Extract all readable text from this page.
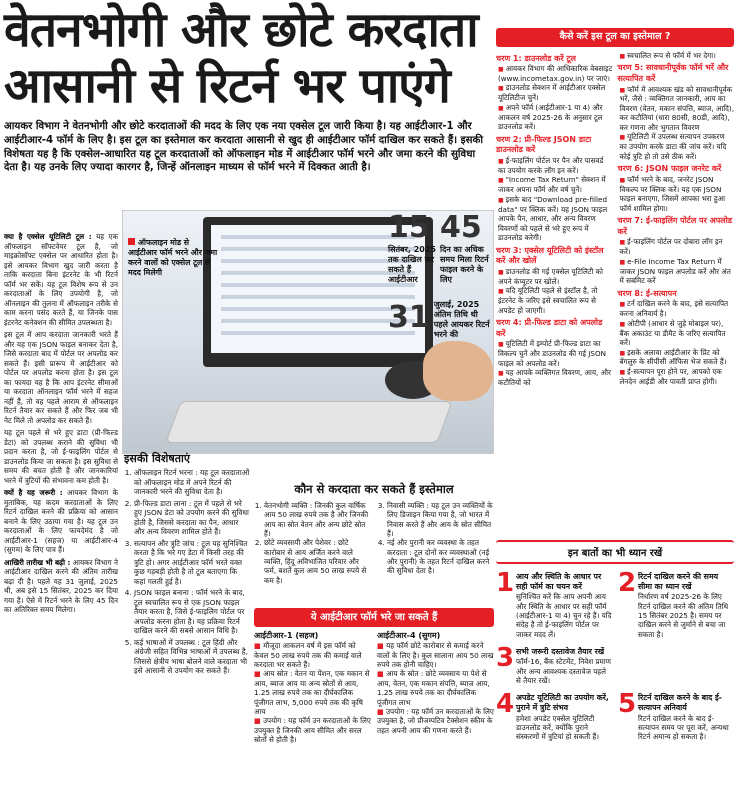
वेतनभोगी और छोटे करदाता
आसानी से रिटर्न भर पाएंगे
आयकर विभाग ने वेतनभोगी और छोटे करदाताओं की मदद के लिए एक नया एक्सेल टूल जारी किया है। यह आईटीआर-1 और आईटीआर-4 फॉर्म के लिए है। इस टूल का इस्तेमाल कर करदाता आसानी से खुद ही आईटीआर फॉर्म दाखिल कर सकते हैं। इसकी विशेषता यह है कि एक्सेल-आधारित यह टूल करदाताओं को ऑफलाइन मोड में आईटीआर फॉर्म भरने और जमा करने की सुविधा देता है। यह उनके लिए ज्यादा कारगर है, जिन्हें ऑनलाइन माध्यम से फॉर्म भरने में दिक्कत आती है।

क्या है एक्सेल यूटिलिटी टूल : यह एक ऑफलाइन सॉफ्टवेयर टूल है, जो माइक्रोसॉफ्ट एक्सेल पर आधारित होता है। इसे आयकर विभाग खुद जारी करता है ताकि करदाता बिना इंटरनेट के भी रिटर्न फॉर्म भर सकें। यह टूल विशेष रूप से उन करदाताओं के लिए उपयोगी है, जो ऑनलाइन की तुलना में ऑफलाइन तरीके से काम करना पसंद करते हैं, या जिनके पास इंटरनेट कनेक्शन की सीमित उपलब्धता है।

इस टूल में आप करदाता जानकारी भरते हैं और यह एक JSON फाइल बनाकर देता है, जिसे करदाता बाद में पोर्टल पर अपलोड कर सकते हैं। इसी प्रारूप में आईटीआर को पोर्टल पर अपलोड करना होता है। इस टूल का फायदा यह है कि आप इंटरनेट सीमाओं या करदाता ऑनलाइन फॉर्म भरने में सहज नहीं हैं, तो वह पहले आराम से ऑफलाइन रिटर्न तैयार कर सकते हैं और फिर जब भी नेट मिले तो अपलोड कर सकते हैं।

यह टूल पहले से भरे हुए डाटा (प्री-फिल्ड डेटा) को उपलब्ध कराने की सुविधा भी प्रदान करता है, जो ई-फाइलिंग पोर्टल से डाउनलोड किया जा सकता है। इस सुविधा से समय की बचत होती है और जानकारियां भरने में त्रुटियों की संभावना कम होती है।

क्यों है यह जरूरी : आयकर विभाग के मुताबिक, यह कदम करदाताओं के लिए रिटर्न दाखिल करने की प्रक्रिया को आसान बनाने के लिए उठाया गया है। यह टूल उन करदाताओं के लिए फायदेमंद है जो आईटीआर-1 (सहज) या आईटीआर-4 (सुगम) के लिए पात्र हैं।

आखिरी तारीख भी बढ़ी : आयकर विभाग ने आईटीआर दाखिल करने की अंतिम तारीख बढ़ा दी है। पहले यह 31 जुलाई, 2025 थी, अब इसे 15 सितंबर, 2025 कर दिया गया है। ऐसे में रिटर्न भरने के लिए 45 दिन का अतिरिक्त समय मिलेगा।

ऑफलाइन मोड से आईटीआर फॉर्म भरने और जमा करने वालों को एक्सेल टूल से मदद मिलेगी
15
सितंबर, 2025 तक दाखिल कर सकते हैं आईटीआर
45
दिन का अधिक समय मिला रिटर्न फाइल करने के लिए
31 जुलाई, 2025 अंतिम तिथि थी पहले आयकर रिटर्न भरने की
इसकी विशेषताएं
1. ऑफलाइन रिटर्न भरना : यह टूल करदाताओं को ऑफलाइन मोड में अपने रिटर्न की जानकारी भरने की सुविधा देता है।
2. प्री-फिल्ड डाटा लाना : टूल में पहले से भरे हुए JSON डेटा को उपयोग करने की सुविधा होती है, जिससे करदाता का पैन, आधार और अन्य विवरण शामिल होते हैं।
3. सत्यापन और त्रुटि जांच : टूल यह सुनिश्चित करता है कि भरे गए डेटा में किसी तरह की त्रुटि हो। अगर आईटीआर फॉर्म भरते वक्त कुछ गड़बड़ी होती है तो टूल बताएगा कि कहां गलती हुई है।
4. JSON फाइल बनाना : फॉर्म भरने के बाद, टूल स्वचालित रूप से एक JSON फाइल तैयार करता है, जिसे ई-फाइलिंग पोर्टल पर अपलोड करना होता है। यह प्रक्रिया रिटर्न दाखिल करने की सबसे आसान विधि है।
5. कई भाषाओं में उपलब्ध : टूल हिंदी और अंग्रेजी सहित विभिन्न भाषाओं में उपलब्ध है, जिससे क्षेत्रीय भाषा बोलने वाले करदाता भी इसे आसानी से उपयोग कर सकते हैं।
कौन से करदाता कर सकते हैं इस्तेमाल
1. वेतनभोगी व्यक्ति : जिनकी कुल वार्षिक आय 50 लाख रुपये तक है और जिनकी आय का स्रोत वेतन और अन्य छोटे स्रोत हैं।
2. छोटे व्यवसायी और पेशेवर : छोटे कारोबार से आय अर्जित करने वाले व्यक्ति, हिंदू अविभाजित परिवार और फर्म, बशर्ते कुल आय 50 लाख रुपये से कम है।
3. निवासी व्यक्ति : यह टूल उन व्यक्तियों के लिए डिजाइन किया गया है, जो भारत में निवास करते हैं और आय के स्रोत सीमित हैं।
4. नई और पुरानी कर व्यवस्था के तहत करदाता : टूल दोनों कर व्यवस्थाओं (नई और पुरानी) के तहत रिटर्न दाखिल करने की सुविधा देता है।
ये आईटीआर फॉर्म भरे जा सकते हैं
आईटीआर-1 (सहज)
■ मौजूदा आकलन वर्ष में इस फॉर्म को केवल 50 लाख रुपये तक की कमाई वाले करदाता भर सकते हैं।
■ आय स्रोत : वेतन या पेंशन, एक मकान से आय, ब्याज आय या अन्य स्रोतों से आय, 1.25 लाख रुपये तक का दीर्घकालिक पूंजीगत लाभ, 5,000 रुपये तक की कृषि आय
■ उपयोग : यह फॉर्म उन करदाताओं के लिए उपयुक्त है जिनकी आय सीमित और सरल स्रोतों से होती है।
आईटीआर-4 (सुगम)
■ यह फॉर्म छोटे कारोबार से कमाई करने वालों के लिए है। कुल सालाना आय 50 लाख रुपये तक होनी चाहिए।
■ आय के स्रोत : छोटे व्यवसाय या पेशे से आय, वेतन, एक मकान संपत्ति, ब्याज आय, 1.25 लाख रुपये तक का दीर्घकालिक पूंजीगत लाभ
■ उपयोग : यह फॉर्म उन करदाताओं के लिए उपयुक्त है, जो प्रीजम्पटिव टैक्सेशन स्कीम के तहत अपनी आय की गणना करते हैं।
कैसे करें इस टूल का इस्तेमाल ?
चरण 1: डाउनलोड करें टूल
■ आयकर विभाग की आधिकारिक वेबसाइट (www.incometax.gov.in) पर जाएं।
■ डाउनलोड सेक्शन में आईटीआर एक्सेल यूटिलिटीज चुनें।
■ अपने फॉर्म (आईटीआर-1 या 4) और आकलन वर्ष 2025-26 के अनुसार टूल डाउनलोड करें।
चरण 2: प्री-फिल्ड JSON डाटा डाउनलोड करें
■ ई-फाइलिंग पोर्टल पर पैन और पासवर्ड का उपयोग करके लॉग इन करें।
■ "Income Tax Return" सेक्शन में जाकर अपना फॉर्म और वर्ष चुनें।
■ इसके बाद "Download pre-filled data" पर क्लिक करें। यह JSON फाइल आपके पैन, आधार, और अन्य विवरण विवरणों को पहले से भरे हुए रूप में डाउनलोड करेगी।
चरण 3: एक्सेल यूटिलिटी को इंस्टॉल करें और खोलें
■ डाउनलोड की गई एक्सेल यूटिलिटी को अपने कंप्यूटर पर खोलें।
■ यदि यूटिलिटी पहले से इंस्टॉल है, तो इंटरनेट के जरिए इसे स्वचालित रूप से अपडेट हो जाएगी।
चरण 4: प्री-फिल्ड डाटा को अपलोड करें
■ यूटिलिटी में इम्पोर्ट प्री-फिल्ड डाटा का विकल्प चुनें और डाउनलोड की गई JSON फाइल को अपलोड करें।
■ यह आपके व्यक्तिगत विवरण, आय, और कटौतियों को
■ स्वचालित रूप से फॉर्म में भर देगा।
चरण 5: सावधानीपूर्वक फॉर्म भरें और सत्यापित करें
■ फॉर्म में आवश्यक खंड को सावधानीपूर्वक भरें, जैसे : व्यक्तिगत जानकारी, आय का विवरण (वेतन, मकान संपत्ति, ब्याज, आदि), कर कटौतियां (धारा 80सी, 80डी, आदि), कर गणना और भुगतान विवरण
■ यूटिलिटी में उपलब्ध सत्यापन उपकरण का उपयोग करके डाटा की जांच करें। यदि कोई त्रुटि हो तो उसे ठीक करें।
चरण 6: JSON फाइल जनरेट करें
■ फॉर्म भरने के बाद, जनरेट JSON विकल्प पर क्लिक करें। यह एक JSON फाइल बनाएगा, जिसमें आपका भरा हुआ फॉर्म शामिल होगा।
चरण 7: ई-फाइलिंग पोर्टल पर अपलोड करें
■ ई-फाइलिंग पोर्टल पर दोबारा लॉग इन करें।
■ e-File Income Tax Return में जाकर JSON फाइल अपलोड करें और अंत में सबमिट करें
चरण 8: ई-सत्यापन
■ टर्न दाखिल करने के बाद, इसे सत्यापित करना अनिवार्य है।
■ ओटीपी (आधार से जुड़े मोबाइल पर), बैंक अकाउंट या डीमैट के जरिए सत्यापित करें।
■ इसके अलावा आईटीआर के प्रिंट को बेंगलुरु के सीपीसी ऑफिस भेज सकते हैं।
■ ई-सत्यापन पूरा होने पर, आपको एक लेनदेन आईडी और पावती प्राप्त होगी।
इन बातों का भी ध्यान रखें
1 आय और स्थिति के आधार पर सही फॉर्म का चयन करें
सुनिश्चित करें कि आप अपनी आय और स्थिति के आधार पर सही फॉर्म (आईटीआर-1 या 4) चुन रहे हैं। यदि संदेह है तो ई-फाइलिंग पोर्टल पर जाकर मदद लें।
2 रिटर्न दाखिल करने की समय सीमा का ध्यान रखें
निर्धारण वर्ष 2025-26 के लिए रिटर्न दाखिल करने की अंतिम तिथि 15 सितंबर 2025 है। समय पर दाखिल करने से जुर्माने से बचा जा सकता है।
3 सभी जरूरी दस्तावेज तैयार रखें
फॉर्म-16, बैंक स्टेटमेंट, निवेश प्रमाण और अन्य आवश्यक दस्तावेज पहले से तैयार रखें।
4 अपडेट यूटिलिटी का उपयोग करें, पुराने में त्रुटि संभव
हमेशा अपडेट एक्सेल यूटिलिटी डाउनलोड करें, क्योंकि पुराने संस्करणों में त्रुटियां हो सकती हैं।
5 रिटर्न दाखिल करने के बाद ई-सत्यापन अनिवार्य
रिटर्न दाखिल करने के बाद ई-सत्यापन समय पर पूरा करें, अन्यथा रिटर्न अमान्य हो सकता है।
